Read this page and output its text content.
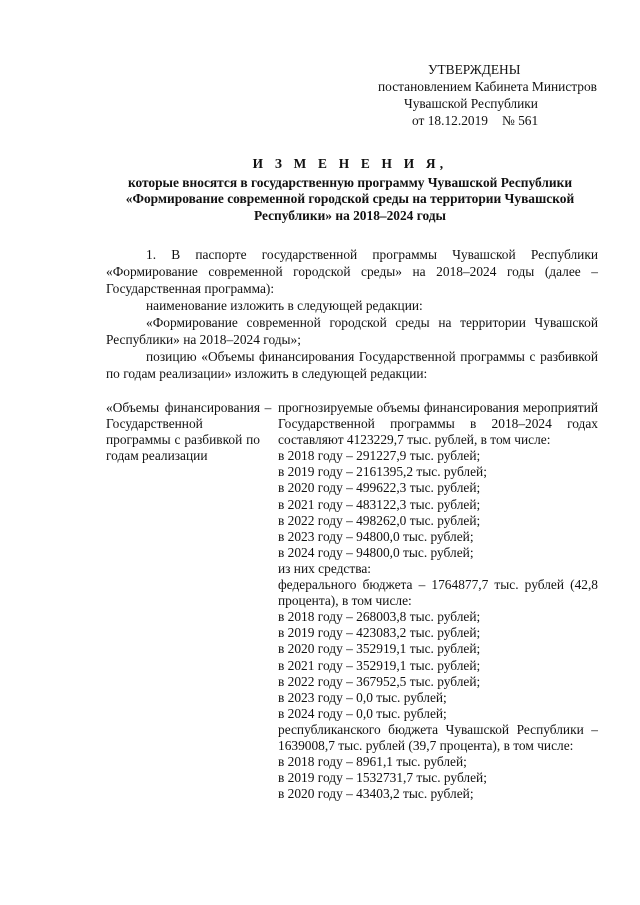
УТВЕРЖДЕНЫ
постановлением Кабинета Министров
Чувашской Республики
от 18.12.2019 № 561
И З М Е Н Е Н И Я,
которые вносятся в государственную программу Чувашской Республики
«Формирование современной городской среды на территории Чувашской
Республики» на 2018–2024 годы

1. В паспорте государственной программы Чувашской Республики «Формирование современной городской среды» на 2018–2024 годы (далее – Государственная программа):

наименование изложить в следующей редакции:

«Формирование современной городской среды на территории Чувашской Республики» на 2018–2024 годы»;

позицию «Объемы финансирования Государственной программы с разбивкой по годам реализации» изложить в следующей редакции:

«Объемы финансирования Государственной программы с разбивкой по годам реализации
– прогнозируемые объемы финансирования мероприятий Государственной программы в 2018–2024 годах составляют 4123229,7 тыс. рублей, в том числе:
в 2018 году – 291227,9 тыс. рублей;
в 2019 году – 2161395,2 тыс. рублей;
в 2020 году – 499622,3 тыс. рублей;
в 2021 году – 483122,3 тыс. рублей;
в 2022 году – 498262,0 тыс. рублей;
в 2023 году – 94800,0 тыс. рублей;
в 2024 году – 94800,0 тыс. рублей;
из них средства:
федерального бюджета – 1764877,7 тыс. рублей (42,8 процента), в том числе:
в 2018 году – 268003,8 тыс. рублей;
в 2019 году – 423083,2 тыс. рублей;
в 2020 году – 352919,1 тыс. рублей;
в 2021 году – 352919,1 тыс. рублей;
в 2022 году – 367952,5 тыс. рублей;
в 2023 году – 0,0 тыс. рублей;
в 2024 году – 0,0 тыс. рублей;
республиканского бюджета Чувашской Республики – 1639008,7 тыс. рублей (39,7 процента), в том числе:
в 2018 году – 8961,1 тыс. рублей;
в 2019 году – 1532731,7 тыс. рублей;
в 2020 году – 43403,2 тыс. рублей;
